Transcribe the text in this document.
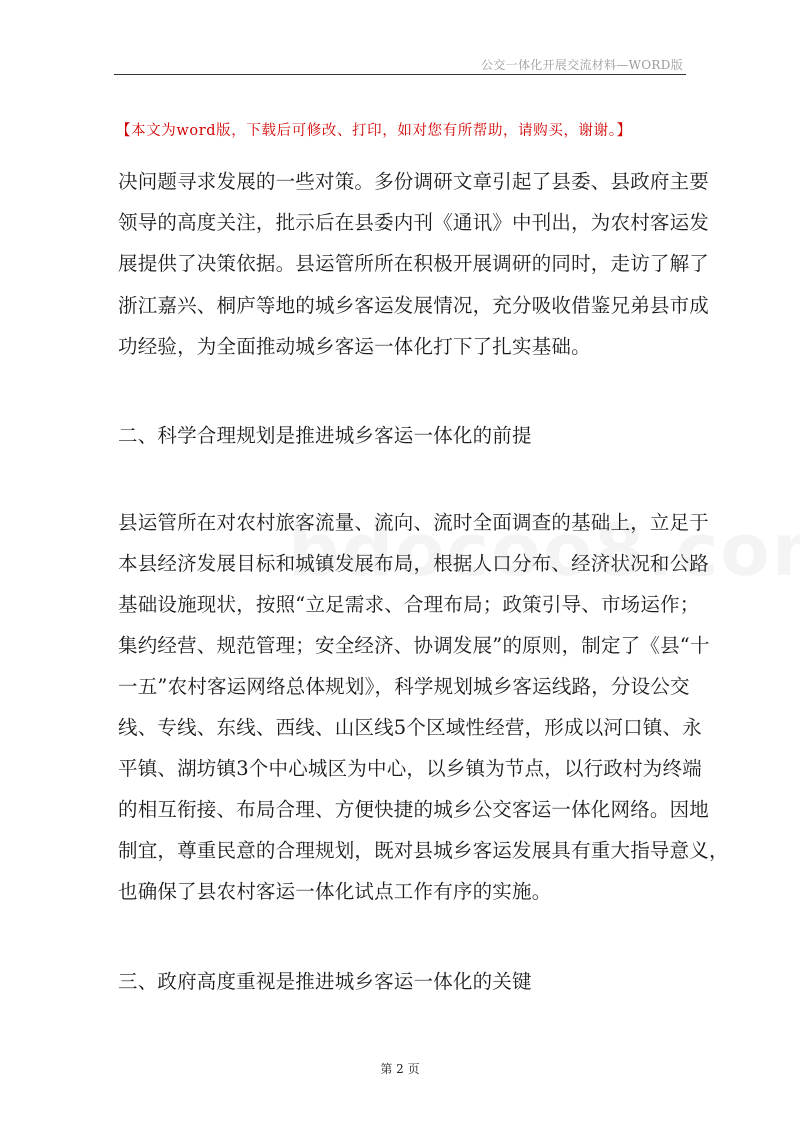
公交一体化开展交流材料—WORD版
【本文为word版，下载后可修改、打印，如对您有所帮助，请购买，谢谢。】
决问题寻求发展的一些对策。多份调研文章引起了县委、县政府主要
领导的高度关注，批示后在县委内刊《通讯》中刊出，为农村客运发
展提供了决策依据。县运管所所在积极开展调研的同时，走访了解了
浙江嘉兴、桐庐等地的城乡客运发展情况，充分吸收借鉴兄弟县市成
功经验，为全面推动城乡客运一体化打下了扎实基础。
二、科学合理规划是推进城乡客运一体化的前提
县运管所在对农村旅客流量、流向、流时全面调查的基础上，立足于
本县经济发展目标和城镇发展布局，根据人口分布、经济状况和公路
基础设施现状，按照“立足需求、合理布局；政策引导、市场运作；
集约经营、规范管理；安全经济、协调发展”的原则，制定了《县“十
一五”农村客运网络总体规划》，科学规划城乡客运线路，分设公交
线、专线、东线、西线、山区线5个区域性经营，形成以河口镇、永
平镇、湖坊镇3个中心城区为中心，以乡镇为节点，以行政村为终端
的相互衔接、布局合理、方便快捷的城乡公交客运一体化网络。因地
制宜，尊重民意的合理规划，既对县城乡客运发展具有重大指导意义，
也确保了县农村客运一体化试点工作有序的实施。
三、政府高度重视是推进城乡客运一体化的关键
第 2 页
